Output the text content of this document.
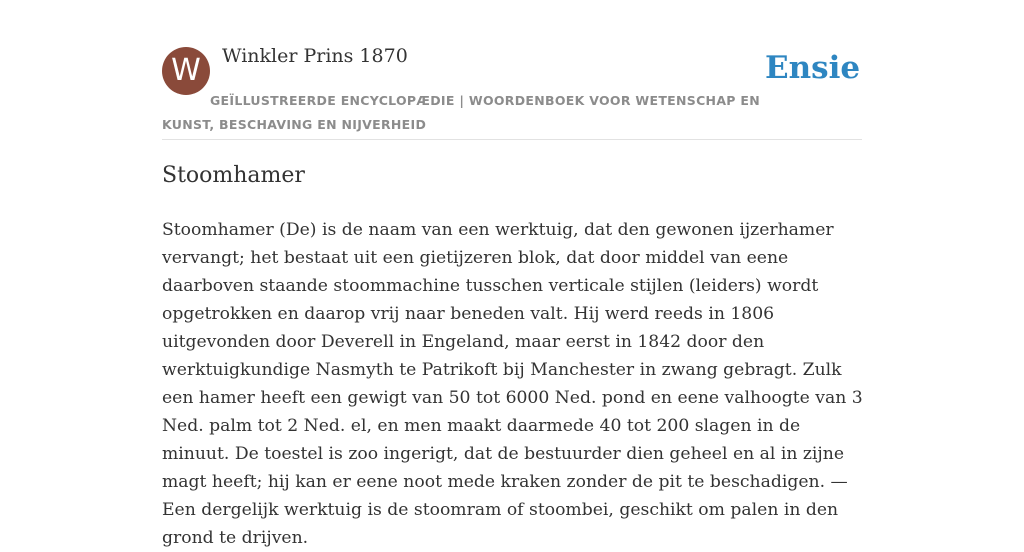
W	Winkler Prins 1870	Ensie
GEÏLLUSTREERDE ENCYCLOPÆDIE | WOORDENBOEK VOOR WETENSCHAP EN KUNST, BESCHAVING EN NIJVERHEID
Stoomhamer

Stoomhamer (De) is de naam van een werktuig, dat den gewonen ijzerhamer vervangt; het bestaat uit een gietijzeren blok, dat door middel van eene daarboven staande stoommachine tusschen verticale stijlen (leiders) wordt opgetrokken en daarop vrij naar beneden valt. Hij werd reeds in 1806 uitgevonden door Deverell in Engeland, maar eerst in 1842 door den werktuigkundige Nasmyth te Patrikoft bij Manchester in zwang gebragt. Zulk een hamer heeft een gewigt van 50 tot 6000 Ned. pond en eene valhoogte van 3 Ned. palm tot 2 Ned. el, en men maakt daarmede 40 tot 200 slagen in de minuut. De toestel is zoo ingerigt, dat de bestuurder dien geheel en al in zijne magt heeft; hij kan er eene noot mede kraken zonder de pit te beschadigen. — Een dergelijk werktuig is de stoomram of stoombei, geschikt om palen in den grond te drijven.
